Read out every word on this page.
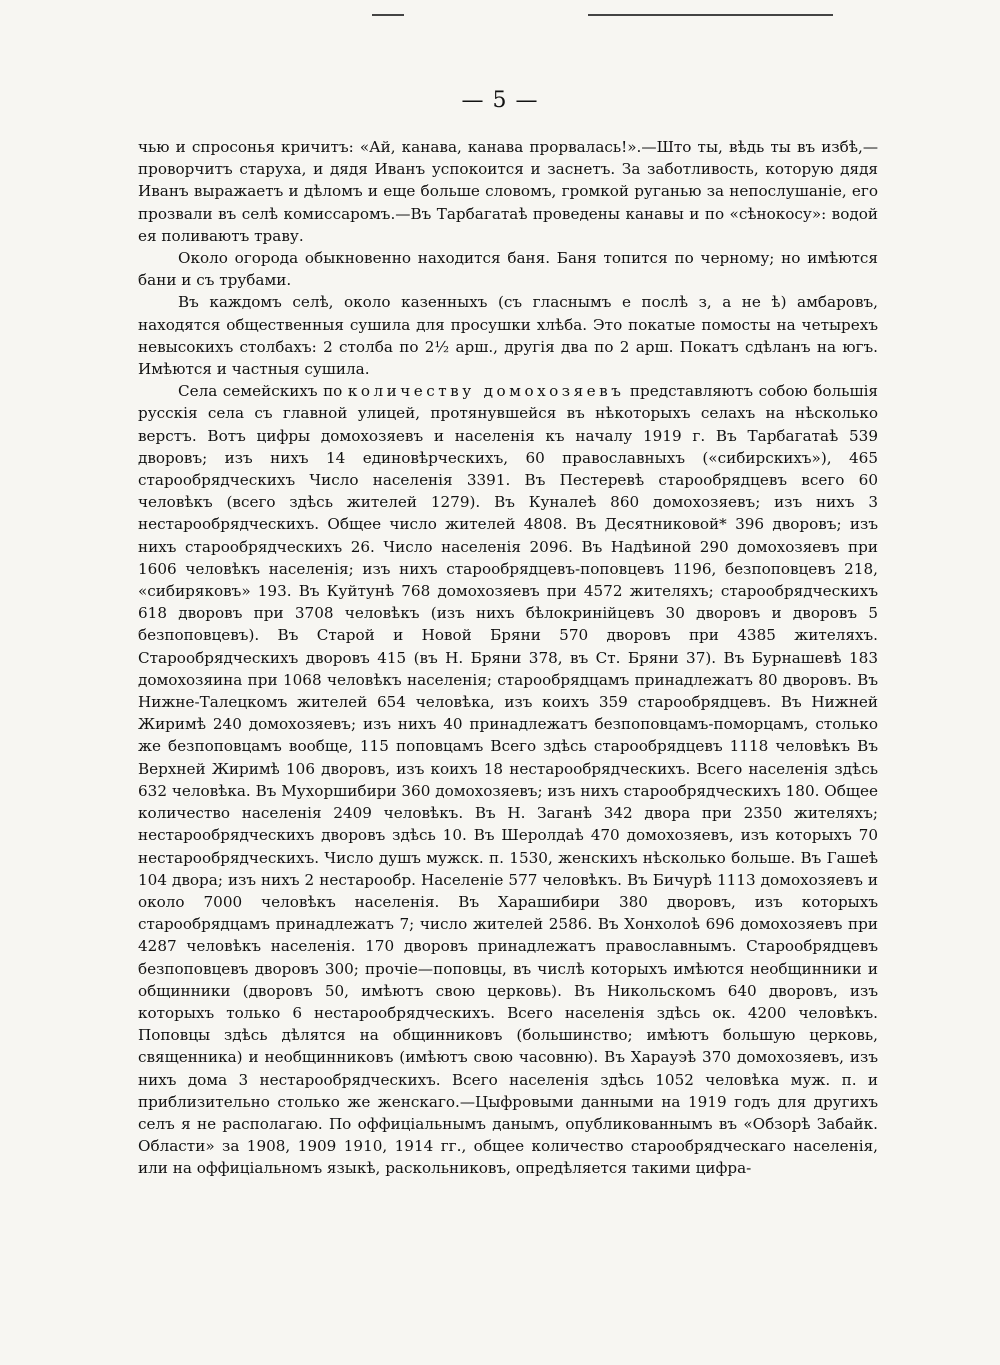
— 5 —

чью и спросонья кричитъ: «Ай, канава, канава прорвалась!».—Што ты, вѣдь ты въ избѣ,—проворчитъ старуха, и дядя Иванъ успокоится и заснетъ. За заботливость, которую дядя Иванъ выражаетъ и дѣломъ и еще больше словомъ, громкой руганью за непослушаніе, его прозвали въ селѣ комиссаромъ.—Въ Тарбагатаѣ проведены канавы и по «сѣнокосу»: водой ея поливаютъ траву.

Около огорода обыкновенно находится баня. Баня топится по черному; но имѣются бани и съ трубами.

Въ каждомъ селѣ, около казенныхъ (съ гласнымъ е послѣ з, а не ѣ) амбаровъ, находятся общественныя сушила для просушки хлѣба. Это покатые помосты на четырехъ невысокихъ столбахъ: 2 столба по 2½ арш., другія два по 2 арш. Покатъ сдѣланъ на югъ. Имѣются и частныя сушила.

Села семейскихъ по количеству домохозяевъ представляютъ собою большія русскія села съ главной улицей, протянувшейся въ нѣкоторыхъ селахъ на нѣсколько верстъ. Вотъ цифры домохозяевъ и населенія къ началу 1919 г. Въ Тарбагатаѣ 539 дворовъ; изъ нихъ 14 единовѣрческихъ, 60 православныхъ («сибирскихъ»), 465 старообрядческихъ Число населенія 3391. Въ Пестеревѣ старообрядцевъ всего 60 человѣкъ (всего здѣсь жителей 1279). Въ Куналеѣ 860 домохозяевъ; изъ нихъ 3 нестарообрядческихъ. Общее число жителей 4808. Въ Десятниковой* 396 дворовъ; изъ нихъ старообрядческихъ 26. Число населенія 2096. Въ Надѣиной 290 домохозяевъ при 1606 человѣкъ населенія; изъ нихъ старообрядцевъ-поповцевъ 1196, безпоповцевъ 218, «сибиряковъ» 193. Въ Куйтунѣ 768 домохозяевъ при 4572 жителяхъ; старообрядческихъ 618 дворовъ при 3708 человѣкъ (изъ нихъ бѣлокринійцевъ 30 дворовъ и дворовъ 5 безпоповцевъ). Въ Старой и Новой Бряни 570 дворовъ при 4385 жителяхъ. Старообрядческихъ дворовъ 415 (въ Н. Бряни 378, въ Ст. Бряни 37). Въ Бурнашевѣ 183 домохозяина при 1068 человѣкъ населенія; старообрядцамъ принадлежатъ 80 дворовъ. Въ Нижне-Талецкомъ жителей 654 человѣка, изъ коихъ 359 старообрядцевъ. Въ Нижней Жиримѣ 240 домохозяевъ; изъ нихъ 40 принадлежатъ безпоповцамъ-поморцамъ, столько же безпоповцамъ вообще, 115 поповцамъ Всего здѣсь старообрядцевъ 1118 человѣкъ Въ Верхней Жиримѣ 106 дворовъ, изъ коихъ 18 нестарообрядческихъ. Всего населенія здѣсь 632 человѣка. Въ Мухоршибири 360 домохозяевъ; изъ нихъ старообрядческихъ 180. Общее количество населенія 2409 человѣкъ. Въ Н. Заганѣ 342 двора при 2350 жителяхъ; нестарообрядческихъ дворовъ здѣсь 10. Въ Шеролдаѣ 470 домохозяевъ, изъ которыхъ 70 нестарообрядческихъ. Число душъ мужск. п. 1530, женскихъ нѣсколько больше. Въ Гашеѣ 104 двора; изъ нихъ 2 нестарообр. Населеніе 577 человѣкъ. Въ Бичурѣ 1113 домохозяевъ и около 7000 человѣкъ населенія. Въ Харашибири 380 дворовъ, изъ которыхъ старообрядцамъ принадлежатъ 7; число жителей 2586. Въ Хонхолоѣ 696 домохозяевъ при 4287 человѣкъ населенія. 170 дворовъ принадлежатъ православнымъ. Старообрядцевъ безпоповцевъ дворовъ 300; прочіе—поповцы, въ числѣ которыхъ имѣются необщинники и общинники (дворовъ 50, имѣютъ свою церковь). Въ Никольскомъ 640 дворовъ, изъ которыхъ только 6 нестарообрядческихъ. Всего населенія здѣсь ок. 4200 человѣкъ. Поповцы здѣсь дѣлятся на общинниковъ (большинство; имѣютъ большую церковь, священника) и необщинниковъ (имѣютъ свою часовню). Въ Харауэѣ 370 домохозяевъ, изъ нихъ дома 3 нестарообрядческихъ. Всего населенія здѣсь 1052 человѣка муж. п. и приблизительно столько же женскаго.—Цыфровыми данными на 1919 годъ для другихъ селъ я не располагаю. По оффиціальнымъ данымъ, опубликованнымъ въ «Обзорѣ Забайк. Области» за 1908, 1909 1910, 1914 гг., общее количество старообрядческаго населенія, или на оффиціальномъ языкѣ, раскольниковъ, опредѣляется такими цифра-
